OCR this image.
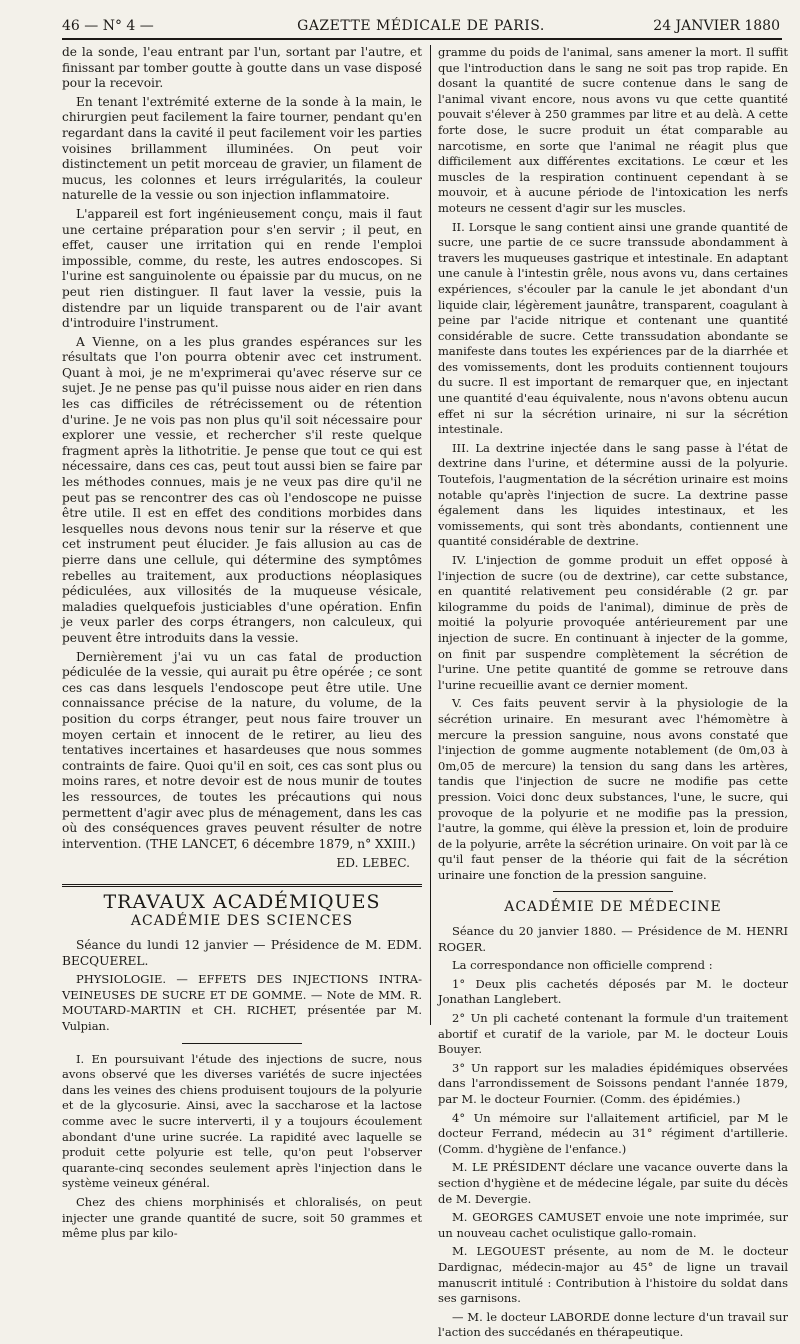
46 — N° 4 —	GAZETTE MÉDICALE DE PARIS.	24 JANVIER 1880

de la sonde, l'eau entrant par l'un, sortant par l'autre, et finissant par tomber goutte à goutte dans un vase disposé pour la recevoir.

En tenant l'extrémité externe de la sonde à la main, le chirurgien peut facilement la faire tourner, pendant qu'en regardant dans la cavité il peut facilement voir les parties voisines brillamment illuminées. On peut voir distinctement un petit morceau de gravier, un filament de mucus, les colonnes et leurs irrégularités, la couleur naturelle de la vessie ou son injection inflammatoire.

L'appareil est fort ingénieusement conçu, mais il faut une certaine préparation pour s'en servir ; il peut, en effet, causer une irritation qui en rende l'emploi impossible, comme, du reste, les autres endoscopes. Si l'urine est sanguinolente ou épaissie par du mucus, on ne peut rien distinguer. Il faut laver la vessie, puis la distendre par un liquide transparent ou de l'air avant d'introduire l'instrument.

A Vienne, on a les plus grandes espérances sur les résultats que l'on pourra obtenir avec cet instrument. Quant à moi, je ne m'exprimerai qu'avec réserve sur ce sujet. Je ne pense pas qu'il puisse nous aider en rien dans les cas difficiles de rétrécissement ou de rétention d'urine. Je ne vois pas non plus qu'il soit nécessaire pour explorer une vessie, et rechercher s'il reste quelque fragment après la lithotritie. Je pense que tout ce qui est nécessaire, dans ces cas, peut tout aussi bien se faire par les méthodes connues, mais je ne veux pas dire qu'il ne peut pas se rencontrer des cas où l'endoscope ne puisse être utile. Il est en effet des conditions morbides dans lesquelles nous devons nous tenir sur la réserve et que cet instrument peut élucider. Je fais allusion au cas de pierre dans une cellule, qui détermine des symptômes rebelles au traitement, aux productions néoplasiques pédiculées, aux villosités de la muqueuse vésicale, maladies quelquefois justiciables d'une opération. Enfin je veux parler des corps étrangers, non calculeux, qui peuvent être introduits dans la vessie.

Dernièrement j'ai vu un cas fatal de production pédiculée de la vessie, qui aurait pu être opérée ; ce sont ces cas dans lesquels l'endoscope peut être utile. Une connaissance précise de la nature, du volume, de la position du corps étranger, peut nous faire trouver un moyen certain et innocent de le retirer, au lieu des tentatives incertaines et hasardeuses que nous sommes contraints de faire. Quoi qu'il en soit, ces cas sont plus ou moins rares, et notre devoir est de nous munir de toutes les ressources, de toutes les précautions qui nous permettent d'agir avec plus de ménagement, dans les cas où des conséquences graves peuvent résulter de notre intervention. (THE LANCET, 6 décembre 1879, n° XXIII.)

ED. LEBEC.

TRAVAUX ACADÉMIQUES
ACADÉMIE DES SCIENCES

Séance du lundi 12 janvier — Présidence de M. EDM. BECQUEREL.

PHYSIOLOGIE. — EFFETS DES INJECTIONS INTRA-VEINEUSES DE SUCRE ET DE GOMME. — Note de MM. R. MOUTARD-MARTIN et CH. RICHET, présentée par M. Vulpian.

I. En poursuivant l'étude des injections de sucre, nous avons observé que les diverses variétés de sucre injectées dans les veines des chiens produisent toujours de la polyurie et de la glycosurie. Ainsi, avec la saccharose et la lactose comme avec le sucre interverti, il y a toujours écoulement abondant d'une urine sucrée. La rapidité avec laquelle se produit cette polyurie est telle, qu'on peut l'observer quarante-cinq secondes seulement après l'injection dans le système veineux général.

Chez des chiens morphinisés et chloralisés, on peut injecter une grande quantité de sucre, soit 50 grammes et même plus par kilo-

gramme du poids de l'animal, sans amener la mort. Il suffit que l'introduction dans le sang ne soit pas trop rapide. En dosant la quantité de sucre contenue dans le sang de l'animal vivant encore, nous avons vu que cette quantité pouvait s'élever à 250 grammes par litre et au delà. A cette forte dose, le sucre produit un état comparable au narcotisme, en sorte que l'animal ne réagit plus que difficilement aux différentes excitations. Le cœur et les muscles de la respiration continuent cependant à se mouvoir, et à aucune période de l'intoxication les nerfs moteurs ne cessent d'agir sur les muscles.

II. Lorsque le sang contient ainsi une grande quantité de sucre, une partie de ce sucre transsude abondamment à travers les muqueuses gastrique et intestinale. En adaptant une canule à l'intestin grêle, nous avons vu, dans certaines expériences, s'écouler par la canule le jet abondant d'un liquide clair, légèrement jaunâtre, transparent, coagulant à peine par l'acide nitrique et contenant une quantité considérable de sucre. Cette transsudation abondante se manifeste dans toutes les expériences par de la diarrhée et des vomissements, dont les produits contiennent toujours du sucre. Il est important de remarquer que, en injectant une quantité d'eau équivalente, nous n'avons obtenu aucun effet ni sur la sécrétion urinaire, ni sur la sécrétion intestinale.

III. La dextrine injectée dans le sang passe à l'état de dextrine dans l'urine, et détermine aussi de la polyurie. Toutefois, l'augmentation de la sécrétion urinaire est moins notable qu'après l'injection de sucre. La dextrine passe également dans les liquides intestinaux, et les vomissements, qui sont très abondants, contiennent une quantité considérable de dextrine.

IV. L'injection de gomme produit un effet opposé à l'injection de sucre (ou de dextrine), car cette substance, en quantité relativement peu considérable (2 gr. par kilogramme du poids de l'animal), diminue de près de moitié la polyurie provoquée antérieurement par une injection de sucre. En continuant à injecter de la gomme, on finit par suspendre complètement la sécrétion de l'urine. Une petite quantité de gomme se retrouve dans l'urine recueillie avant ce dernier moment.

V. Ces faits peuvent servir à la physiologie de la sécrétion urinaire. En mesurant avec l'hémomètre à mercure la pression sanguine, nous avons constaté que l'injection de gomme augmente notablement (de 0m,03 à 0m,05 de mercure) la tension du sang dans les artères, tandis que l'injection de sucre ne modifie pas cette pression. Voici donc deux substances, l'une, le sucre, qui provoque de la polyurie et ne modifie pas la pression, l'autre, la gomme, qui élève la pression et, loin de produire de la polyurie, arrête la sécrétion urinaire. On voit par là ce qu'il faut penser de la théorie qui fait de la sécrétion urinaire une fonction de la pression sanguine.

ACADÉMIE DE MÉDECINE

Séance du 20 janvier 1880. — Présidence de M. HENRI ROGER.

La correspondance non officielle comprend :

1° Deux plis cachetés déposés par M. le docteur Jonathan Langlebert.

2° Un pli cacheté contenant la formule d'un traitement abortif et curatif de la variole, par M. le docteur Louis Bouyer.

3° Un rapport sur les maladies épidémiques observées dans l'arrondissement de Soissons pendant l'année 1879, par M. le docteur Fournier. (Comm. des épidémies.)

4° Un mémoire sur l'allaitement artificiel, par M le docteur Ferrand, médecin au 31° régiment d'artillerie. (Comm. d'hygiène de l'enfance.)

M. LE PRÉSIDENT déclare une vacance ouverte dans la section d'hygiène et de médecine légale, par suite du décès de M. Devergie.

M. GEORGES CAMUSET envoie une note imprimée, sur un nouveau cachet oculistique gallo-romain.

M. LEGOUEST présente, au nom de M. le docteur Dardignac, médecin-major au 45° de ligne un travail manuscrit intitulé : Contribution à l'histoire du soldat dans ses garnisons.

— M. le docteur LABORDE donne lecture d'un travail sur l'action des succédanés en thérapeutique.
